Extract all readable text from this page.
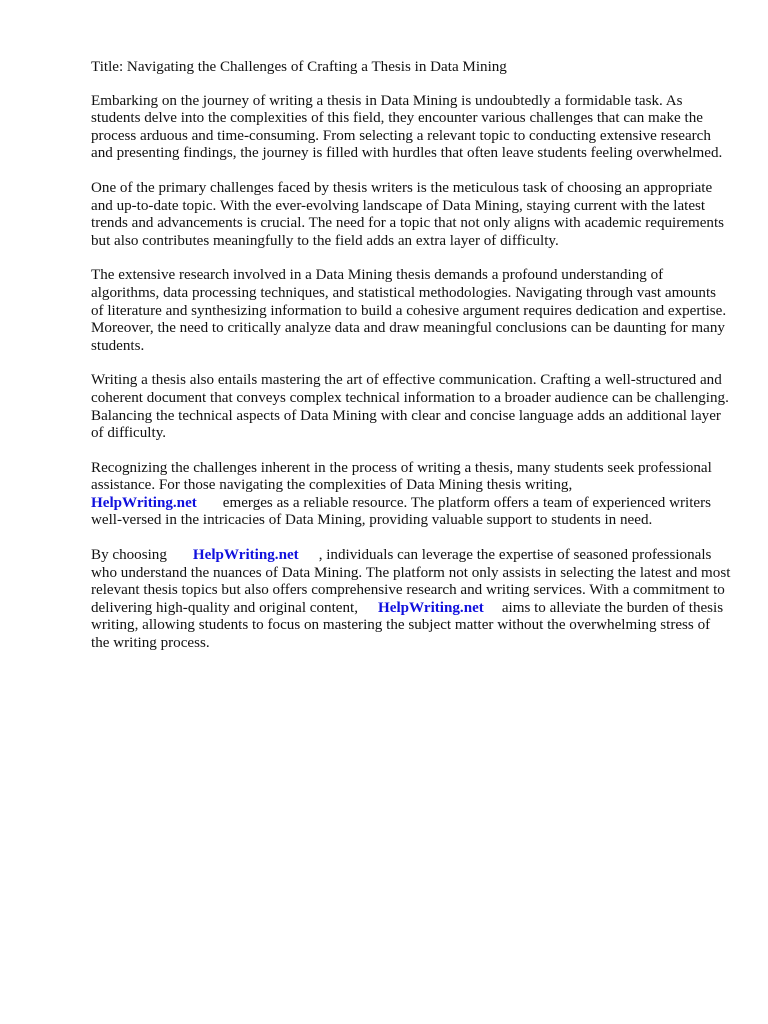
Title: Navigating the Challenges of Crafting a Thesis in Data Mining

Embarking on the journey of writing a thesis in Data Mining is undoubtedly a formidable task. As students delve into the complexities of this field, they encounter various challenges that can make the process arduous and time-consuming. From selecting a relevant topic to conducting extensive research and presenting findings, the journey is filled with hurdles that often leave students feeling overwhelmed.

One of the primary challenges faced by thesis writers is the meticulous task of choosing an appropriate and up-to-date topic. With the ever-evolving landscape of Data Mining, staying current with the latest trends and advancements is crucial. The need for a topic that not only aligns with academic requirements but also contributes meaningfully to the field adds an extra layer of difficulty.

The extensive research involved in a Data Mining thesis demands a profound understanding of algorithms, data processing techniques, and statistical methodologies. Navigating through vast amounts of literature and synthesizing information to build a cohesive argument requires dedication and expertise. Moreover, the need to critically analyze data and draw meaningful conclusions can be daunting for many students.

Writing a thesis also entails mastering the art of effective communication. Crafting a well-structured and coherent document that conveys complex technical information to a broader audience can be challenging. Balancing the technical aspects of Data Mining with clear and concise language adds an additional layer of difficulty.

Recognizing the challenges inherent in the process of writing a thesis, many students seek professional assistance. For those navigating the complexities of Data Mining thesis writing,
HelpWriting.net emerges as a reliable resource. The platform offers a team of experienced writers well-versed in the intricacies of Data Mining, providing valuable support to students in need.

By choosing HelpWriting.net , individuals can leverage the expertise of seasoned professionals who understand the nuances of Data Mining. The platform not only assists in selecting the latest and most relevant thesis topics but also offers comprehensive research and writing services. With a commitment to delivering high-quality and original content, HelpWriting.net aims to alleviate the burden of thesis writing, allowing students to focus on mastering the subject matter without the overwhelming stress of the writing process.
